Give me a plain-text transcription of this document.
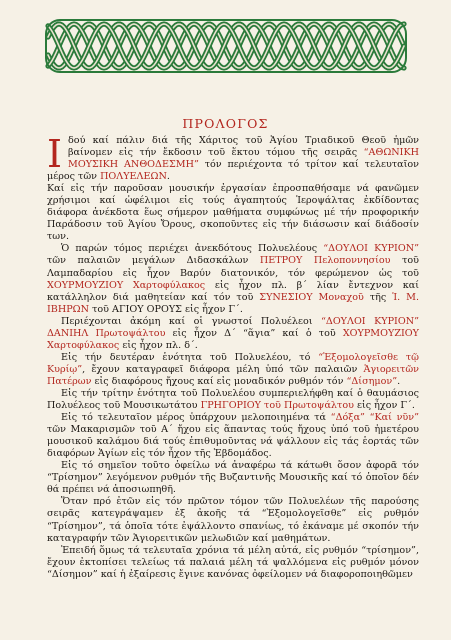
ΠΡΟΛΟΓΟΣ
Ι δού καί πάλιν διά τῆς Χάριτος τοῦ Ἁγίου Τριαδικοῦ Θεοῦ ἡμῶν βαίνομεν εἰς τήν ἔκδοσιν τοῦ ἕκτου τόμου τῆς σειρᾶς “ΑΘΩΝΙΚΗ ΜΟΥΣΙΚΗ ΑΝΘΟΔΕΣΜΗ” τόν περιέχοντα τό τρίτον καί τελευταῖον μέρος τῶν ΠΟΛΥΕΛΕΩΝ.

Καί εἰς τήν παροῦσαν μουσικήν ἐργασίαν ἐπροσπαθήσαμε νά φανῶμεν χρήσιμοι καί ὠφέλιμοι εἰς τούς ἀγαπητούς Ἱεροψάλτας ἐκδίδοντας διάφορα ἀνέκδοτα ἕως σήμερον μαθήματα συμφώνως μέ τήν προφορικήν Παράδοσιν τοῦ Ἁγίου Ὄρους, σκοποῦντες εἰς τήν διάσωσιν καί διάδοσίν των.

Ὁ παρών τόμος περιέχει ἀνεκδότους Πολυελέους “ΔΟΥΛΟΙ ΚΥΡΙΟΝ” τῶν παλαιῶν μεγάλων Διδασκάλων ΠΕΤΡΟΥ Πελοποννησίου τοῦ Λαμπαδαρίου εἰς ἦχον Βαρύν διατονικόν, τόν φερώμενον ὡς τοῦ ΧΟΥΡΜΟΥΖΙΟΥ Χαρτοφύλακος εἰς ἦχον πλ. β΄ λίαν ἔντεχνον καί κατάλληλον διά μαθητείαν καί τόν τοῦ ΣΥΝΕΣΙΟΥ Μοναχοῦ τῆς Ἱ. Μ. ΙΒΗΡΩΝ τοῦ ΑΓΙΟΥ ΟΡΟΥΣ εἰς ἦχον Γ΄.

Περιέχονται ἀκόμη καί οἱ γνωστοί Πολυέλεοι “ΔΟΥΛΟΙ ΚΥΡΙΟΝ” ΔΑΝΙΗΛ Πρωτοψάλτου εἰς ἦχον Δ΄ “ἅγια” καί ὁ τοῦ ΧΟΥΡΜΟΥΖΙΟΥ Χαρτοφύλακος εἰς ἦχον πλ. δ΄.

Εἰς τήν δευτέραν ἑνότητα τοῦ Πολυελέου, τό “Ἐξομολογεῖσθε τῷ Κυρίῳ”, ἔχουν καταγραφεῖ διάφορα μέλη ὑπό τῶν παλαιῶν Ἁγιορειτῶν Πατέρων εἰς διαφόρους ἤχους καί εἰς μοναδικόν ρυθμόν τόν “Δίσημον”.

Εἰς τήν τρίτην ἑνότητα τοῦ Πολυελέου συμπεριελήφθη καί ὁ θαυμάσιος Πολυέλεος τοῦ Μουσικωτάτου ΓΡΗΓΟΡΙΟΥ τοῦ Πρωτοψάλτου εἰς ἦχον Γ΄.

Εἰς τό τελευταῖον μέρος ὑπάρχουν μελοποιημένα τά “Δόξα” “Καί νῦν” τῶν Μακαρισμῶν τοῦ Α΄ ἤχου εἰς ἅπαντας τούς ἤχους ὑπό τοῦ ἡμετέρου μουσικοῦ καλάμου διά τούς ἐπιθυμοῦντας νά ψάλλουν εἰς τάς ἑορτάς τῶν διαφόρων Ἁγίων εἰς τόν ἦχον τῆς Ἑβδομάδος.

Εἰς τό σημεῖον τοῦτο ὀφείλω νά ἀναφέρω τά κάτωθι ὅσον ἀφορᾶ τόν “Τρίσημον” λεγόμενον ρυθμόν τῆς Βυζαντινῆς Μουσικῆς καί τό ὁποῖον δέν θά πρέπει νά ἀποσιωπηθῆ.

Ὅταν πρό ἐτῶν εἰς τόν πρῶτον τόμον τῶν Πολυελέων τῆς παρούσης σειρᾶς κατεγράψαμεν ἐξ ἀκοῆς τά “Ἐξομολογεῖσθε” εἰς ρυθμόν “Τρίσημον”, τά ὁποῖα τότε ἐψάλλοντο σπανίως, τό ἐκάναμε μέ σκοπόν τήν καταγραφήν τῶν Ἁγιορειτικῶν μελωδιῶν καί μαθημάτων.

Ἐπειδή ὅμως τά τελευταῖα χρόνια τά μέλη αὐτά, εἰς ρυθμόν “τρίσημον”, ἔχουν ἐκτοπίσει τελείως τά παλαιά μέλη τά ψαλλόμενα εἰς ρυθμόν μόνον “Δίσημον” καί ἡ ἐξαίρεσις ἔγινε κανόνας ὀφείλομεν νά διαφοροποιηθῶμεν
